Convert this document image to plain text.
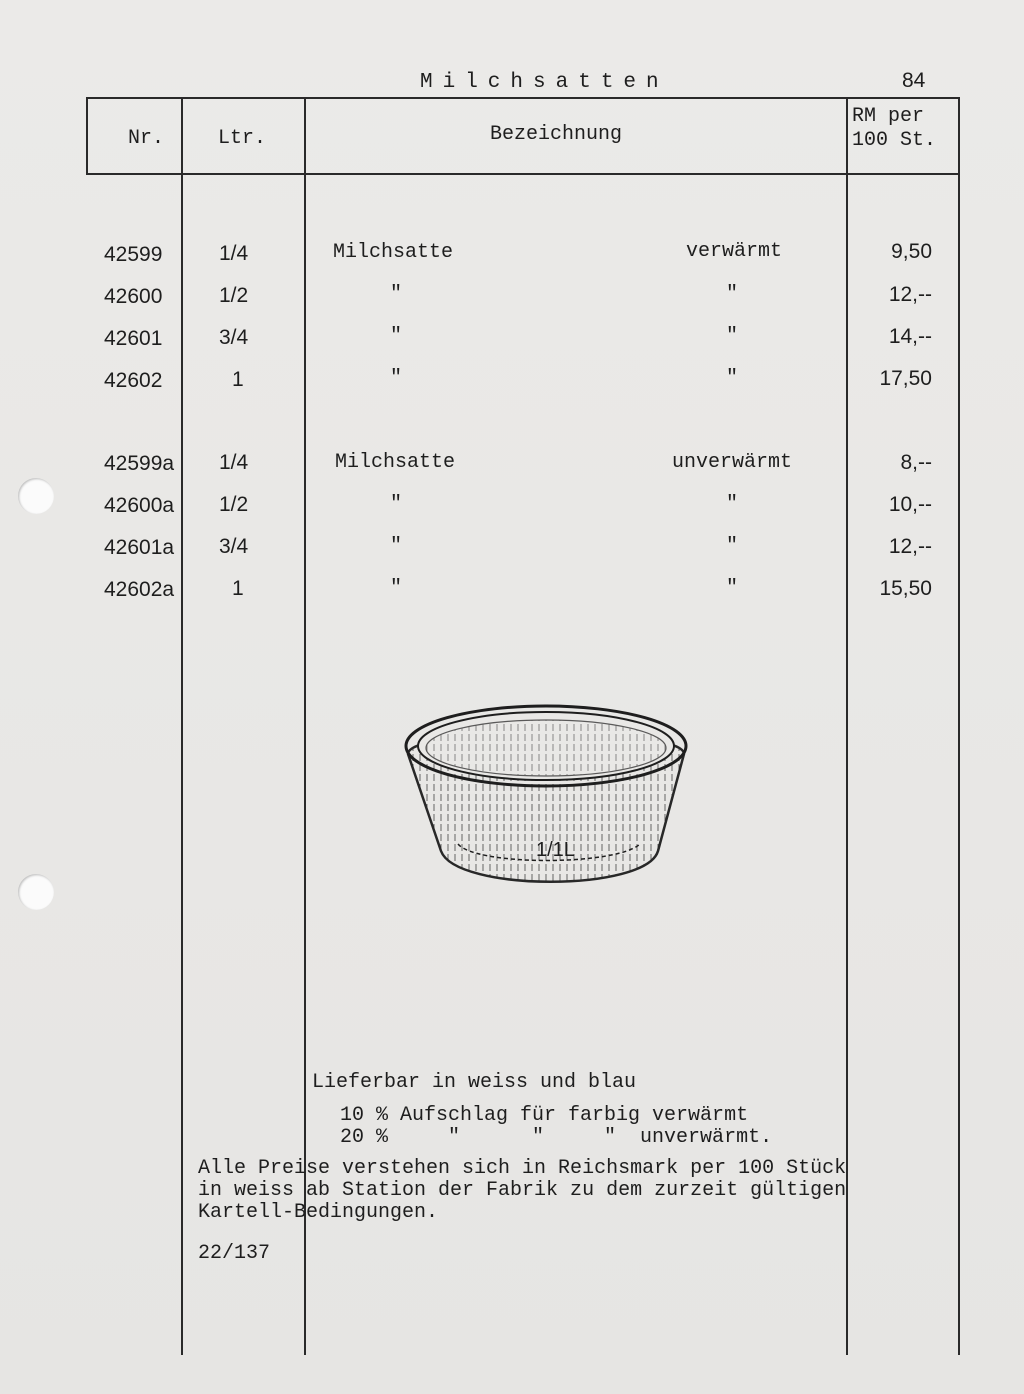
Milchsatten	84
Nr.	Ltr.	Bezeichnung
RM per
100 St.
42599	1/4	Milchsatte	verwärmt	9,50
42600	1/2	"	"	12,--
42601	3/4	"	"	14,--
42602	1	"	"	17,50
42599a 1/4	Milchsatte	unverwärmt	8,--
42600a 1/2	"	"	10,--
42601a 3/4	"	"	12,--
42602a	1	"	"	15,50
1/1L
Lieferbar in weiss und blau
10 % Aufschlag für farbig verwärmt
20 %     "      "     "  unverwärmt.
Alle Preise verstehen sich in Reichsmark per 100 Stück
in weiss ab Station der Fabrik zu dem zurzeit gültigen
Kartell-Bedingungen.
22/137
